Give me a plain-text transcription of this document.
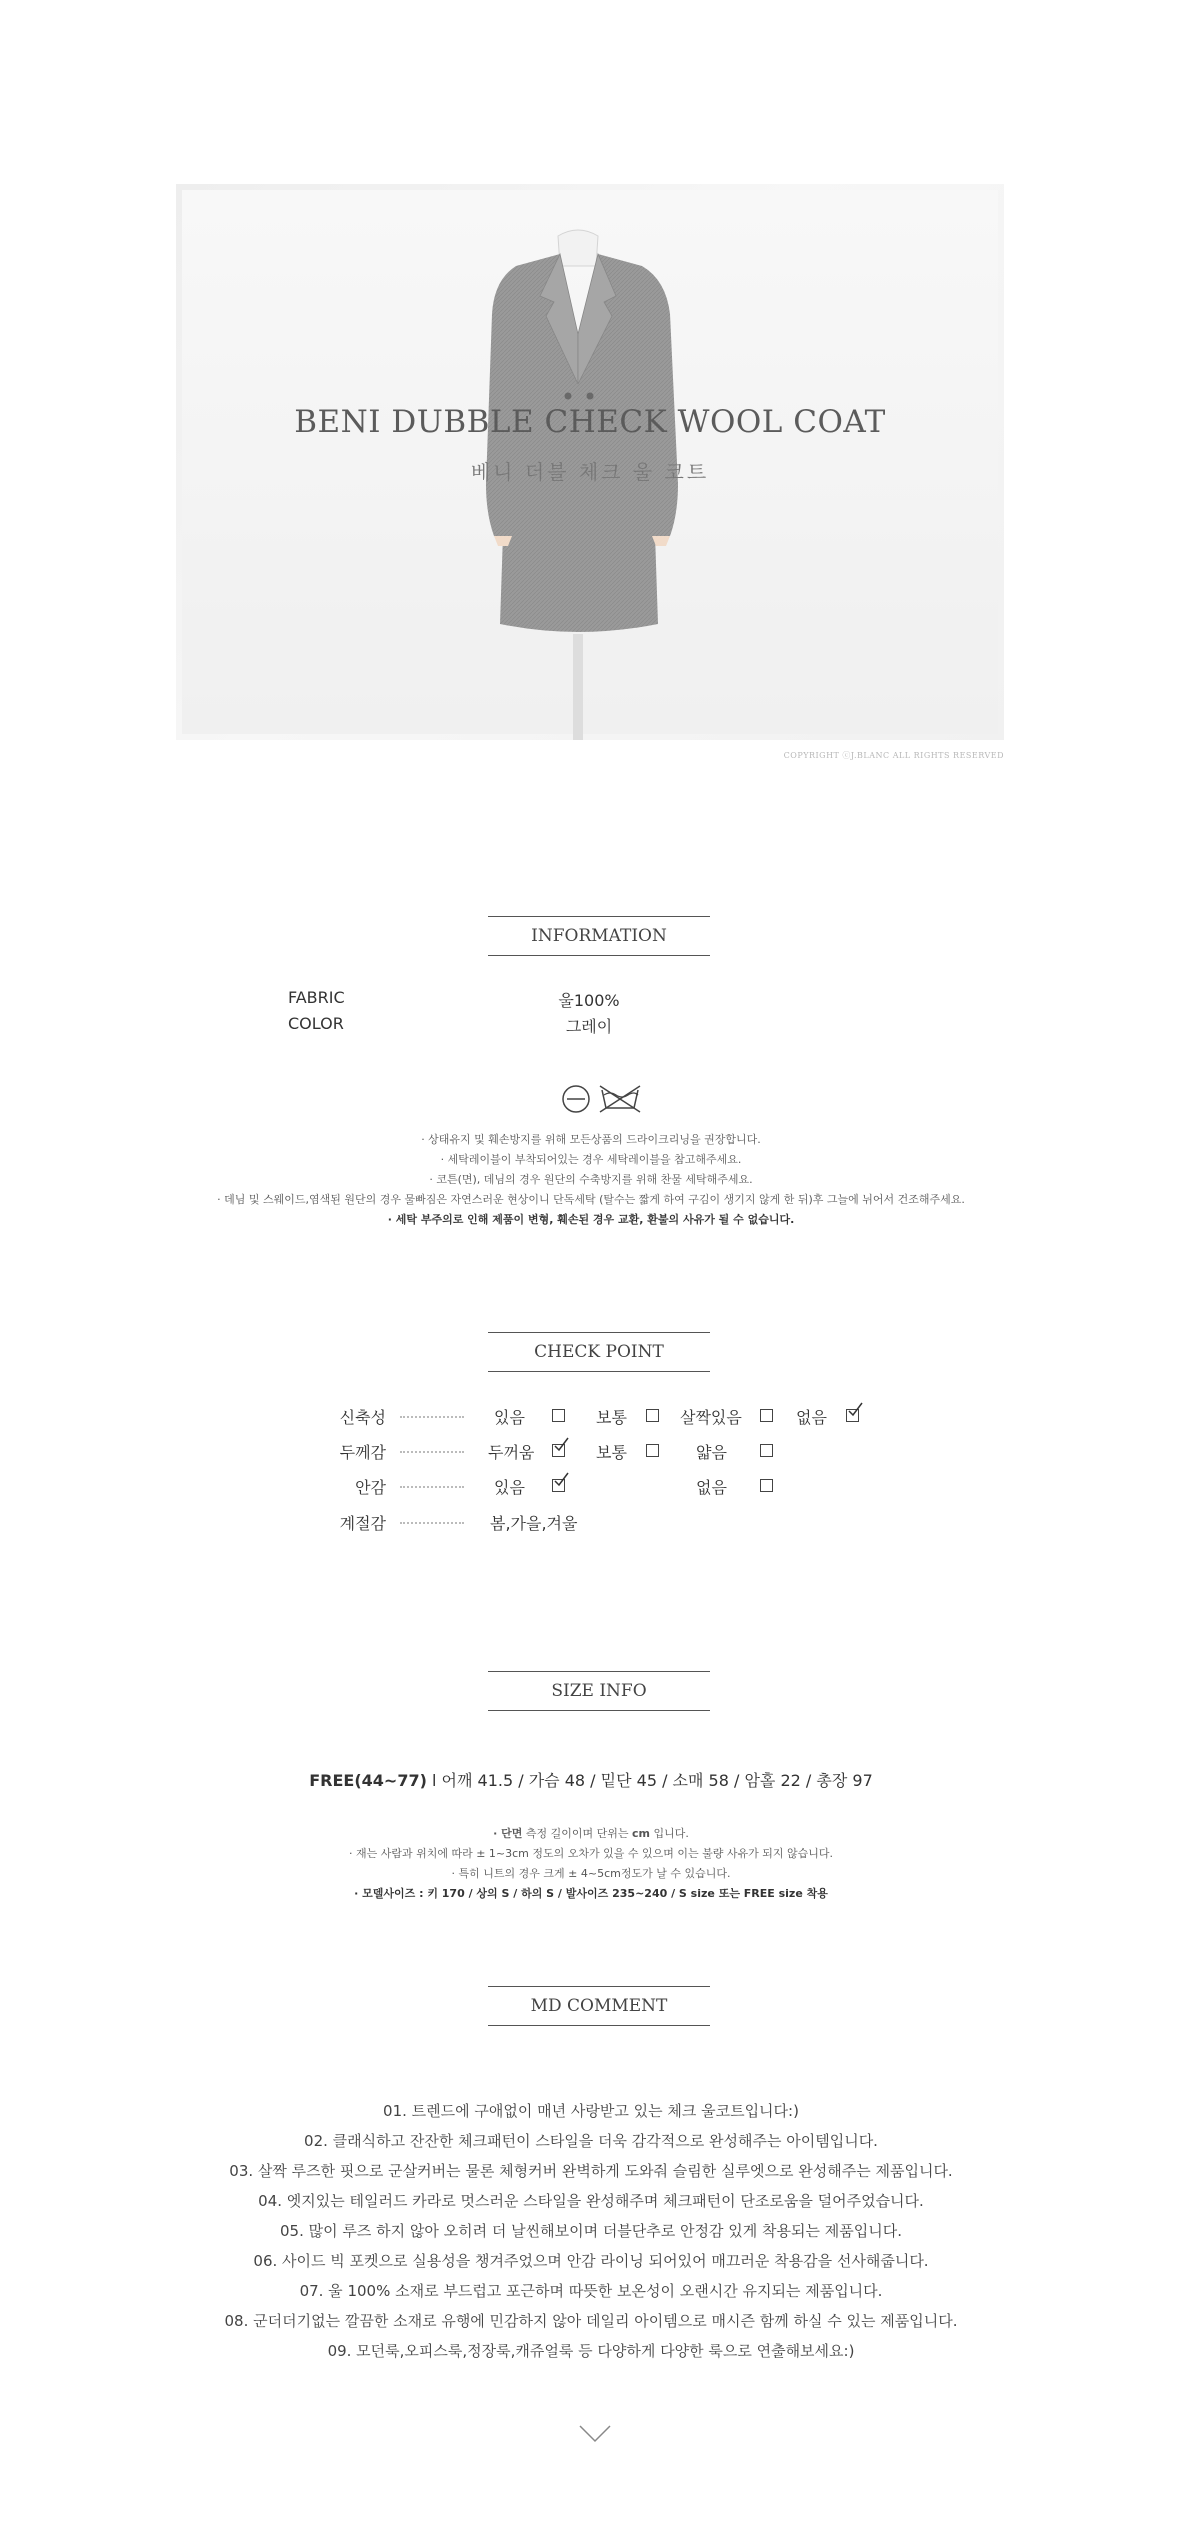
BENI DUBBLE CHECK WOOL COAT
베니 더블 체크 울 코트
COPYRIGHT ⓒJ.BLANC ALL RIGHTS RESERVED
INFORMATION
FABRIC	울100%
COLOR	그레이
· 상태유지 및 훼손방지를 위해 모든상품의 드라이크리닝을 권장합니다.
· 세탁레이블이 부착되어있는 경우 세탁레이블을 참고해주세요.
· 코튼(면), 데님의 경우 원단의 수축방지를 위해 찬물 세탁해주세요.
· 데님 및 스웨이드,염색된 원단의 경우 물빠짐은 자연스러운 현상이니 단독세탁 (탈수는 짧게 하여 구김이 생기지 않게 한 뒤)후 그늘에 뉘어서 건조해주세요.
· 세탁 부주의로 인해 제품이 변형, 훼손된 경우 교환, 환불의 사유가 될 수 없습니다.
CHECK POINT
신축성	있음	보통	살짝있음	없음
두께감	두꺼움	보통	얇음
안감	있음	없음
계절감	봄,가을,겨울
SIZE INFO
FREE(44~77) l 어깨 41.5 / 가슴 48 / 밑단 45 / 소매 58 / 암홀 22 / 총장 97
· 단면 측정 길이이며 단위는 cm 입니다.
· 재는 사람과 위치에 따라 ± 1~3cm 정도의 오차가 있을 수 있으며 이는 불량 사유가 되지 않습니다.
· 특히 니트의 경우 크게 ± 4~5cm정도가 날 수 있습니다.
· 모델사이즈 : 키 170 / 상의 S / 하의 S / 발사이즈 235~240 / S size 또는 FREE size 착용
MD COMMENT
01. 트렌드에 구애없이 매년 사랑받고 있는 체크 울코트입니다:)
02. 클래식하고 잔잔한 체크패턴이 스타일을 더욱 감각적으로 완성해주는 아이템입니다.
03. 살짝 루즈한 핏으로 군살커버는 물론 체형커버 완벽하게 도와줘 슬림한 실루엣으로 완성해주는 제품입니다.
04. 엣지있는 테일러드 카라로 멋스러운 스타일을 완성해주며 체크패턴이 단조로움을 덜어주었습니다.
05. 많이 루즈 하지 않아 오히려 더 날씬해보이며 더블단추로 안정감 있게 착용되는 제품입니다.
06. 사이드 빅 포켓으로 실용성을 챙겨주었으며 안감 라이닝 되어있어 매끄러운 착용감을 선사해줍니다.
07. 울 100% 소재로 부드럽고 포근하며 따뜻한 보온성이 오랜시간 유지되는 제품입니다.
08. 군더더기없는 깔끔한 소재로 유행에 민감하지 않아 데일리 아이템으로 매시즌 함께 하실 수 있는 제품입니다.
09. 모던룩,오피스룩,정장룩,캐쥬얼룩 등 다양하게 다양한 룩으로 연출해보세요:)
